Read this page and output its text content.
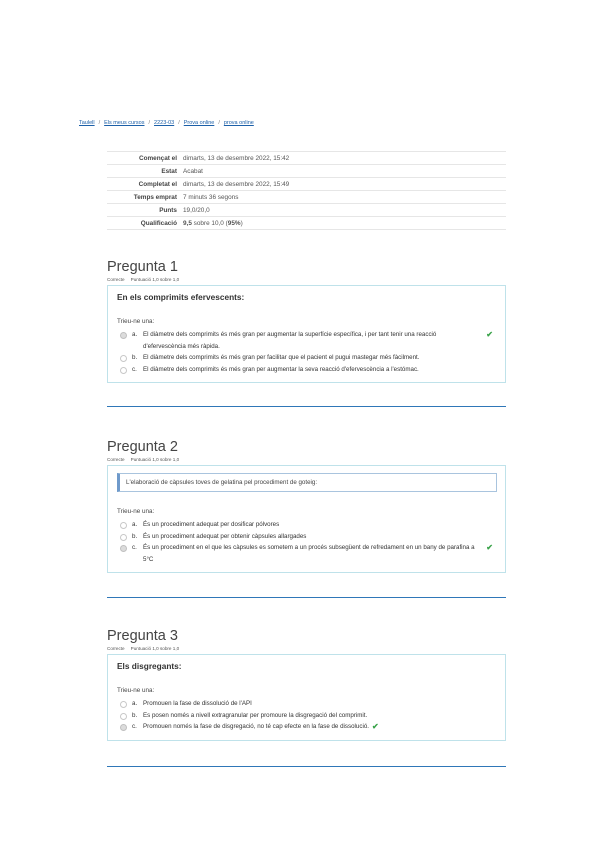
Taulell / Els meus cursos / 2223-03 / Prova online / prova online
Començat el	dimarts, 13 de desembre 2022, 15:42
Estat	Acabat
Completat el	dimarts, 13 de desembre 2022, 15:49
Temps emprat	7 minuts 36 segons
Punts	19,0/20,0
Qualificació	9,5 sobre 10,0 (95%)
Pregunta 1
Correcte Puntuació 1,0 sobre 1,0
En els comprimits efervescents:
Trieu-ne una:
a. El diàmetre dels comprimits és més gran per augmentar la superfície específica, i per tant tenir una reacció d'efervescència més ràpida.
✔
b. El diàmetre dels comprimits és més gran per facilitar que el pacient el pugui mastegar més fàcilment.
c. El diàmetre dels comprimits és més gran per augmentar la seva reacció d'efervescència a l'estómac.
Pregunta 2
Correcte Puntuació 1,0 sobre 1,0
L'elaboració de càpsules toves de gelatina pel procediment de goteig:
Trieu-ne una:
a. És un procediment adequat per dosificar pólvores
b. És un procediment adequat per obtenir càpsules allargades
c. És un procediment en el que les càpsules es sometem a un procés subsegüent de refredament en un bany de parafina a 5°C
✔
Pregunta 3
Correcte Puntuació 1,0 sobre 1,0
Els disgregants:
Trieu-ne una:
a. Promouen la fase de dissolució de l'API
b. Es posen només a nivell extragranular per promoure la disgregació del comprimit.
c. Promouen només la fase de disgregació, no té cap efecte en la fase de dissolució. ✔
